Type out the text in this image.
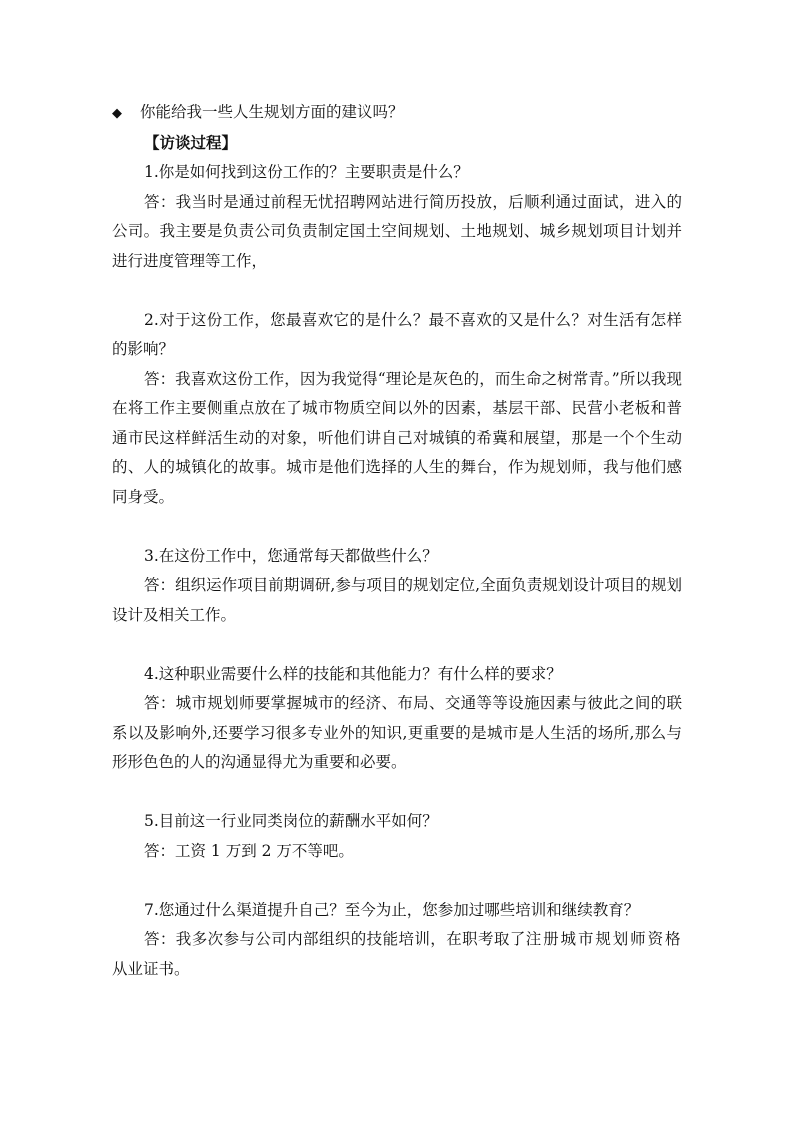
◆ 你能给我一些人生规划方面的建议吗？

【访谈过程】

1.你是如何找到这份工作的？主要职责是什么？

答：我当时是通过前程无忧招聘网站进行简历投放，后顺利通过面试，进入的公司。我主要是负责公司负责制定国土空间规划、土地规划、城乡规划项目计划并进行进度管理等工作，

2.对于这份工作，您最喜欢它的是什么？最不喜欢的又是什么？对生活有怎样的影响？

答：我喜欢这份工作，因为我觉得“理论是灰色的，而生命之树常青。”所以我现在将工作主要侧重点放在了城市物质空间以外的因素，基层干部、民营小老板和普通市民这样鲜活生动的对象，听他们讲自己对城镇的希冀和展望，那是一个个生动的、人的城镇化的故事。城市是他们选择的人生的舞台，作为规划师，我与他们感同身受。

3.在这份工作中，您通常每天都做些什么？

答：组织运作项目前期调研,参与项目的规划定位,全面负责规划设计项目的规划设计及相关工作。

4.这种职业需要什么样的技能和其他能力？有什么样的要求？

答：城市规划师要掌握城市的经济、布局、交通等等设施因素与彼此之间的联系以及影响外,还要学习很多专业外的知识,更重要的是城市是人生活的场所,那么与形形色色的人的沟通显得尤为重要和必要。

5.目前这一行业同类岗位的薪酬水平如何？

答：工资 1 万到 2 万不等吧。

7.您通过什么渠道提升自己？至今为止，您参加过哪些培训和继续教育？

答：我多次参与公司内部组织的技能培训，在职考取了注册城市规划师资格从业证书。
